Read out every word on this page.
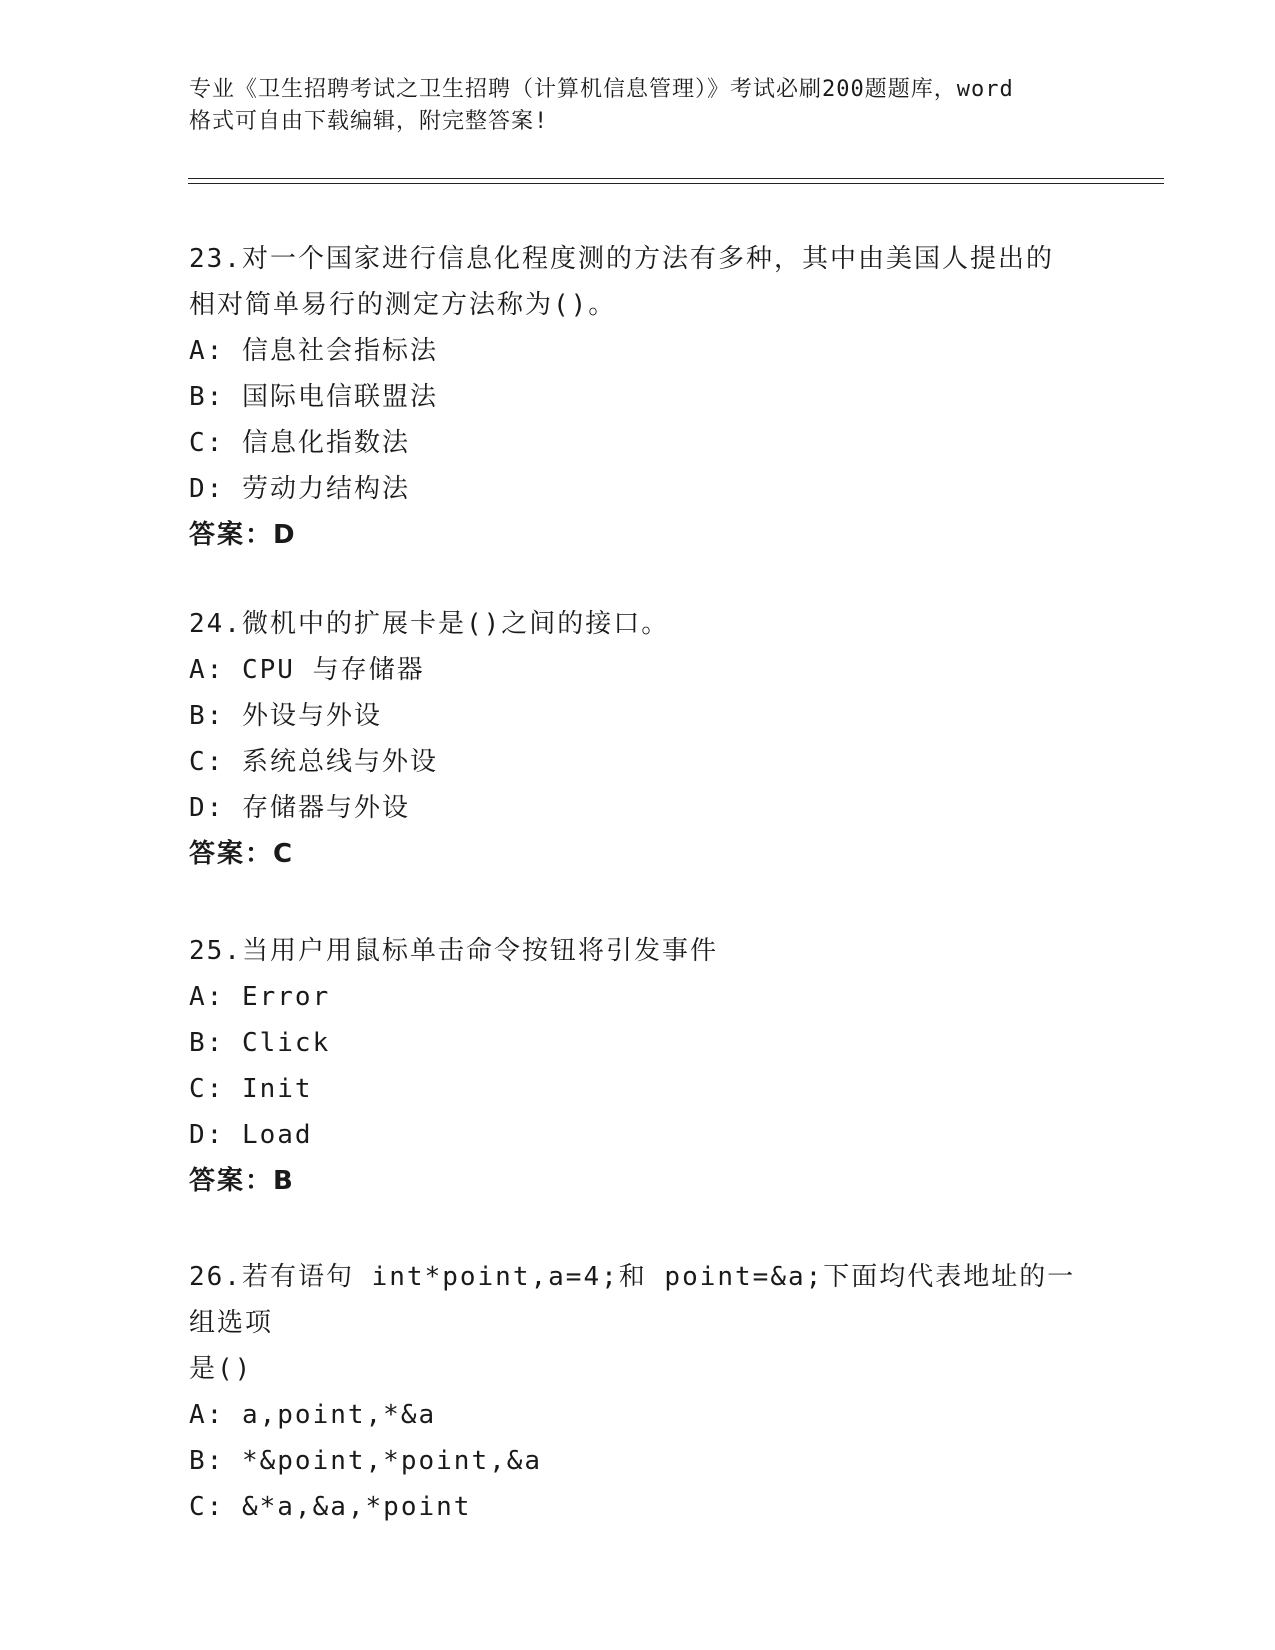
专业《卫生招聘考试之卫生招聘（计算机信息管理）》考试必刷200题题库，word
格式可自由下载编辑，附完整答案!
23.对一个国家进行信息化程度测的方法有多种，其中由美国人提出的
相对简单易行的测定方法称为()。
A: 信息社会指标法
B: 国际电信联盟法
C: 信息化指数法
D: 劳动力结构法
答案：D
24.微机中的扩展卡是()之间的接口。
A: CPU 与存储器
B: 外设与外设
C: 系统总线与外设
D: 存储器与外设
答案：C
25.当用户用鼠标单击命令按钮将引发事件
A: Error
B: Click
C: Init
D: Load
答案：B
26.若有语句 int*point,a=4;和 point=&a;下面均代表地址的一组选项
是()
A: a,point,*&a
B: *&point,*point,&a
C: &*a,&a,*point
